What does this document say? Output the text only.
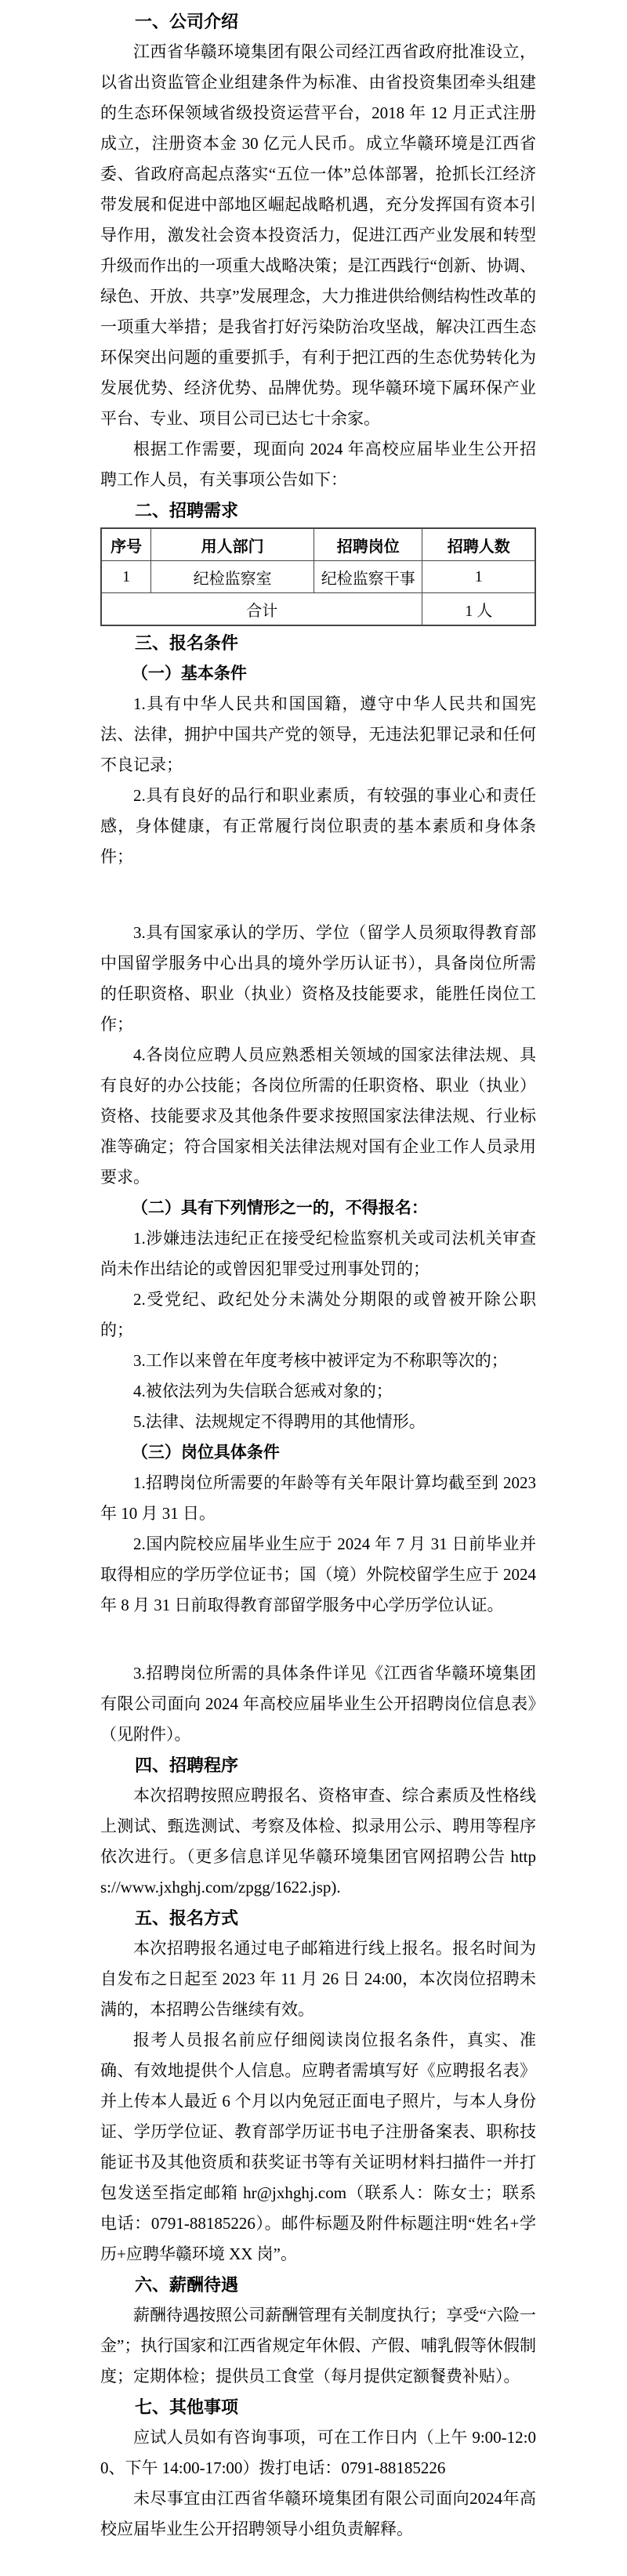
一、公司介绍

江西省华赣环境集团有限公司经江西省政府批准设立，以省出资监管企业组建条件为标准、由省投资集团牵头组建的生态环保领域省级投资运营平台，2018 年 12 月正式注册成立，注册资本金 30 亿元人民币。成立华赣环境是江西省委、省政府高起点落实“五位一体”总体部署，抢抓长江经济带发展和促进中部地区崛起战略机遇，充分发挥国有资本引导作用，激发社会资本投资活力，促进江西产业发展和转型升级而作出的一项重大战略决策；是江西践行“创新、协调、绿色、开放、共享”发展理念，大力推进供给侧结构性改革的一项重大举措；是我省打好污染防治攻坚战，解决江西生态环保突出问题的重要抓手，有利于把江西的生态优势转化为发展优势、经济优势、品牌优势。现华赣环境下属环保产业平台、专业、项目公司已达七十余家。

根据工作需要，现面向 2024 年高校应届毕业生公开招聘工作人员，有关事项公告如下：

二、招聘需求
序号	用人部门	招聘岗位	招聘人数
1	纪检监察室	纪检监察干事	1
合计			1 人
三、报名条件
（一）基本条件

1.具有中华人民共和国国籍，遵守中华人民共和国宪法、法律，拥护中国共产党的领导，无违法犯罪记录和任何不良记录；

2.具有良好的品行和职业素质，有较强的事业心和责任感，身体健康，有正常履行岗位职责的基本素质和身体条件；

3.具有国家承认的学历、学位（留学人员须取得教育部中国留学服务中心出具的境外学历认证书），具备岗位所需的任职资格、职业（执业）资格及技能要求，能胜任岗位工作；

4.各岗位应聘人员应熟悉相关领域的国家法律法规、具有良好的办公技能；各岗位所需的任职资格、职业（执业）资格、技能要求及其他条件要求按照国家法律法规、行业标准等确定；符合国家相关法律法规对国有企业工作人员录用要求。

（二）具有下列情形之一的，不得报名：

1.涉嫌违法违纪正在接受纪检监察机关或司法机关审查尚未作出结论的或曾因犯罪受过刑事处罚的；

2.受党纪、政纪处分未满处分期限的或曾被开除公职的；

3.工作以来曾在年度考核中被评定为不称职等次的；

4.被依法列为失信联合惩戒对象的；

5.法律、法规规定不得聘用的其他情形。

（三）岗位具体条件

1.招聘岗位所需要的年龄等有关年限计算均截至到 2023 年 10 月 31 日。

2.国内院校应届毕业生应于 2024 年 7 月 31 日前毕业并取得相应的学历学位证书；国（境）外院校留学生应于 2024 年 8 月 31 日前取得教育部留学服务中心学历学位认证。

3.招聘岗位所需的具体条件详见《江西省华赣环境集团有限公司面向 2024 年高校应届毕业生公开招聘岗位信息表》（见附件）。

四、招聘程序

本次招聘按照应聘报名、资格审查、综合素质及性格线上测试、甄选测试、考察及体检、拟录用公示、聘用等程序依次进行。（更多信息详见华赣环境集团官网招聘公告 https://www.jxhghj.com/zpgg/1622.jsp).

五、报名方式

本次招聘报名通过电子邮箱进行线上报名。报名时间为自发布之日起至 2023 年 11 月 26 日 24:00，本次岗位招聘未满的，本招聘公告继续有效。

报考人员报名前应仔细阅读岗位报名条件，真实、准确、有效地提供个人信息。应聘者需填写好《应聘报名表》并上传本人最近 6 个月以内免冠正面电子照片，与本人身份证、学历学位证、教育部学历证书电子注册备案表、职称技能证书及其他资质和获奖证书等有关证明材料扫描件一并打包发送至指定邮箱 hr@jxhghj.com（联系人：陈女士；联系电话：0791-88185226）。邮件标题及附件标题注明“姓名+学历+应聘华赣环境 XX 岗”。

六、薪酬待遇

薪酬待遇按照公司薪酬管理有关制度执行；享受“六险一金”；执行国家和江西省规定年休假、产假、哺乳假等休假制度；定期体检；提供员工食堂（每月提供定额餐费补贴）。

七、其他事项

应试人员如有咨询事项，可在工作日内（上午 9:00-12:00、下午 14:00-17:00）拨打电话：0791-88185226

未尽事宜由江西省华赣环境集团有限公司面向2024年高校应届毕业生公开招聘领导小组负责解释。
